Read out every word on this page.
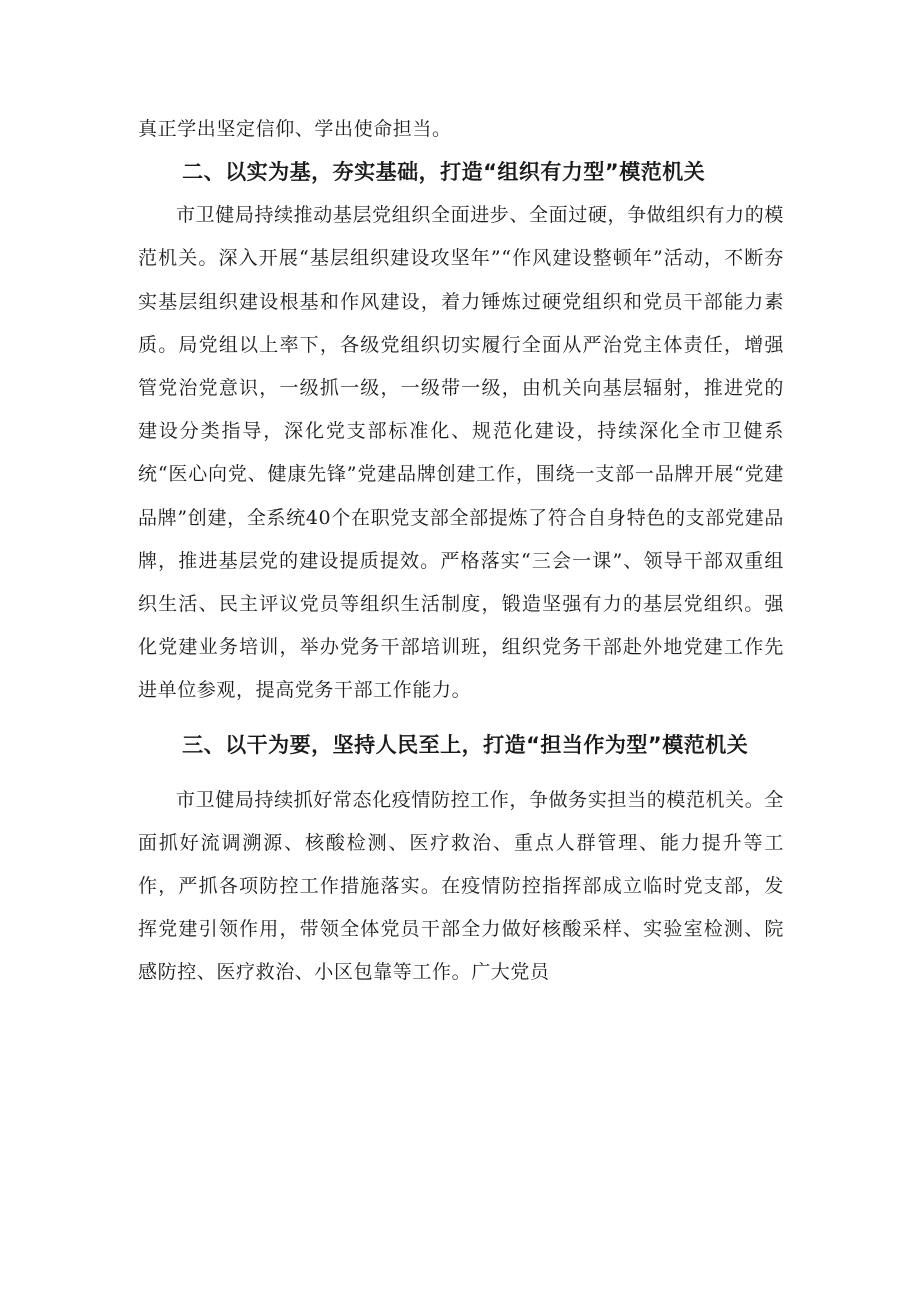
真正学出坚定信仰、学出使命担当。

二、以实为基，夯实基础，打造“组织有力型”模范机关

市卫健局持续推动基层党组织全面进步、全面过硬，争做组织有力的模范机关。深入开展“基层组织建设攻坚年”“作风建设整顿年”活动，不断夯实基层组织建设根基和作风建设，着力锤炼过硬党组织和党员干部能力素质。局党组以上率下，各级党组织切实履行全面从严治党主体责任，增强管党治党意识，一级抓一级，一级带一级，由机关向基层辐射，推进党的建设分类指导，深化党支部标准化、规范化建设，持续深化全市卫健系统“医心向党、健康先锋”党建品牌创建工作，围绕一支部一品牌开展“党建品牌”创建，全系统40个在职党支部全部提炼了符合自身特色的支部党建品牌，推进基层党的建设提质提效。严格落实“三会一课”、领导干部双重组织生活、民主评议党员等组织生活制度，锻造坚强有力的基层党组织。强化党建业务培训，举办党务干部培训班，组织党务干部赴外地党建工作先进单位参观，提高党务干部工作能力。

三、以干为要，坚持人民至上，打造“担当作为型”模范机关

市卫健局持续抓好常态化疫情防控工作，争做务实担当的模范机关。全面抓好流调溯源、核酸检测、医疗救治、重点人群管理、能力提升等工作，严抓各项防控工作措施落实。在疫情防控指挥部成立临时党支部，发挥党建引领作用，带领全体党员干部全力做好核酸采样、实验室检测、院感防控、医疗救治、小区包靠等工作。广大党员
